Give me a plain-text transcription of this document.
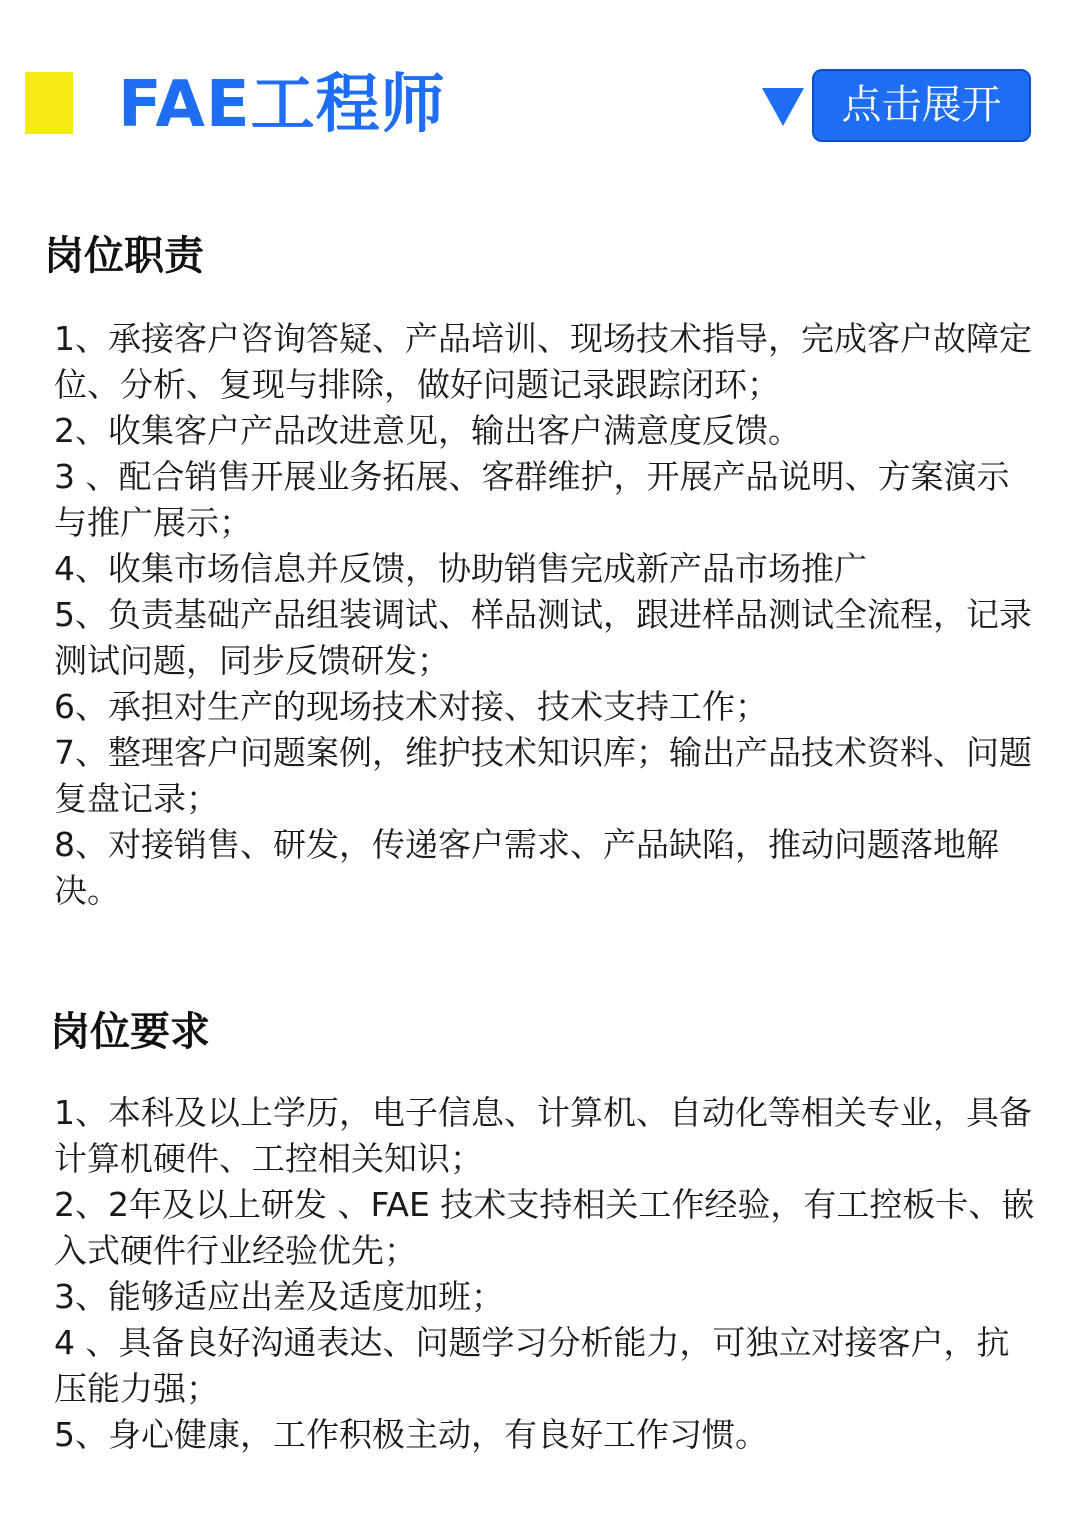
FAE工程师	点击展开
岗位职责
1、承接客户咨询答疑、产品培训、现场技术指导，完成客户故障定位、分析、复现与排除，做好问题记录跟踪闭环；
2、收集客户产品改进意见，输出客户满意度反馈。
3 、配合销售开展业务拓展、客群维护，开展产品说明、方案演示与推广展示；
4、收集市场信息并反馈，协助销售完成新产品市场推广
5、负责基础产品组装调试、样品测试，跟进样品测试全流程，记录测试问题，同步反馈研发；
6、承担对生产的现场技术对接、技术支持工作；
7、整理客户问题案例，维护技术知识库；输出产品技术资料、问题复盘记录；
8、对接销售、研发，传递客户需求、产品缺陷，推动问题落地解决。
岗位要求
1、本科及以上学历，电子信息、计算机、自动化等相关专业，具备计算机硬件、工控相关知识；
2、2年及以上研发 、FAE 技术支持相关工作经验，有工控板卡、嵌入式硬件行业经验优先；
3、能够适应出差及适度加班；
4 、具备良好沟通表达、问题学习分析能力，可独立对接客户，抗压能力强；
5、身心健康，工作积极主动，有良好工作习惯。
